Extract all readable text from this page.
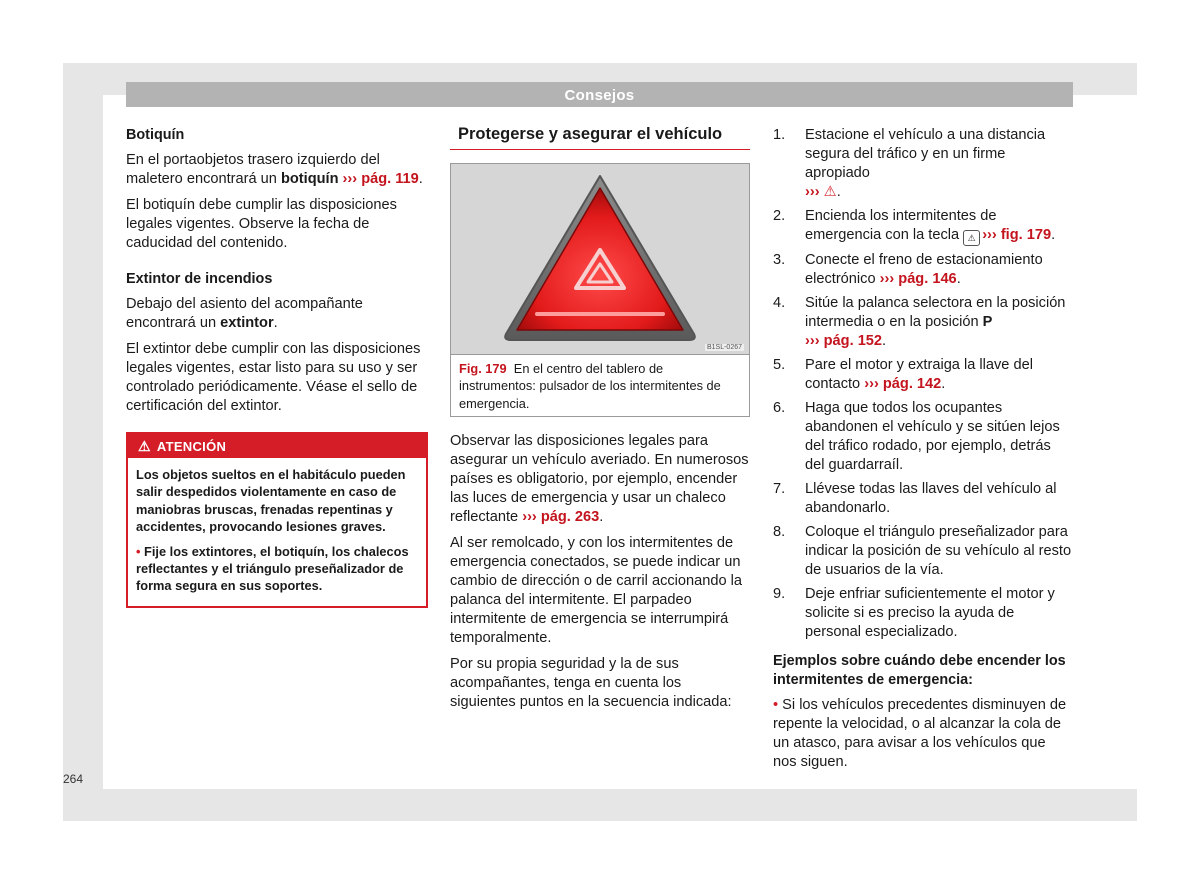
Consejos
Botiquín

En el portaobjetos trasero izquierdo del maletero encontrará un botiquín ››› pág. 119.

El botiquín debe cumplir las disposiciones legales vigentes. Observe la fecha de caducidad del contenido.

Extintor de incendios

Debajo del asiento del acompañante encontrará un extintor.

El extintor debe cumplir con las disposiciones legales vigentes, estar listo para su uso y ser controlado periódicamente. Véase el sello de certificación del extintor.

⚠ ATENCIÓN

Los objetos sueltos en el habitáculo pueden salir despedidos violentamente en caso de maniobras bruscas, frenadas repentinas y accidentes, provocando lesiones graves.

• Fije los extintores, el botiquín, los chalecos reflectantes y el triángulo preseñalizador de forma segura en sus soportes.

Protegerse y asegurar el vehículo
B1SL-0267
Fig. 179 En el centro del tablero de instrumentos: pulsador de los intermitentes de emergencia.

Observar las disposiciones legales para asegurar un vehículo averiado. En numerosos países es obligatorio, por ejemplo, encender las luces de emergencia y usar un chaleco reflectante ››› pág. 263.

Al ser remolcado, y con los intermitentes de emergencia conectados, se puede indicar un cambio de dirección o de carril accionando la palanca del intermitente. El parpadeo intermitente de emergencia se interrumpirá temporalmente.

Por su propia seguridad y la de sus acompañantes, tenga en cuenta los siguientes puntos en la secuencia indicada:

1. Estacione el vehículo a una distancia segura del tráfico y en un firme apropiado
››› ⚠.
2. Encienda los intermitentes de emergencia con la tecla ⚠ ››› fig. 179.
3. Conecte el freno de estacionamiento electrónico ››› pág. 146.
4. Sitúe la palanca selectora en la posición intermedia o en la posición P
››› pág. 152.
5. Pare el motor y extraiga la llave del contacto ››› pág. 142.
6. Haga que todos los ocupantes abandonen el vehículo y se sitúen lejos del tráfico rodado, por ejemplo, detrás del guardarraíl.
7. Llévese todas las llaves del vehículo al abandonarlo.
8. Coloque el triángulo preseñalizador para indicar la posición de su vehículo al resto de usuarios de la vía.
9. Deje enfriar suficientemente el motor y solicite si es preciso la ayuda de personal especializado.
Ejemplos sobre cuándo debe encender los intermitentes de emergencia:

• Si los vehículos precedentes disminuyen de repente la velocidad, o al alcanzar la cola de un atasco, para avisar a los vehículos que nos siguen.

264
